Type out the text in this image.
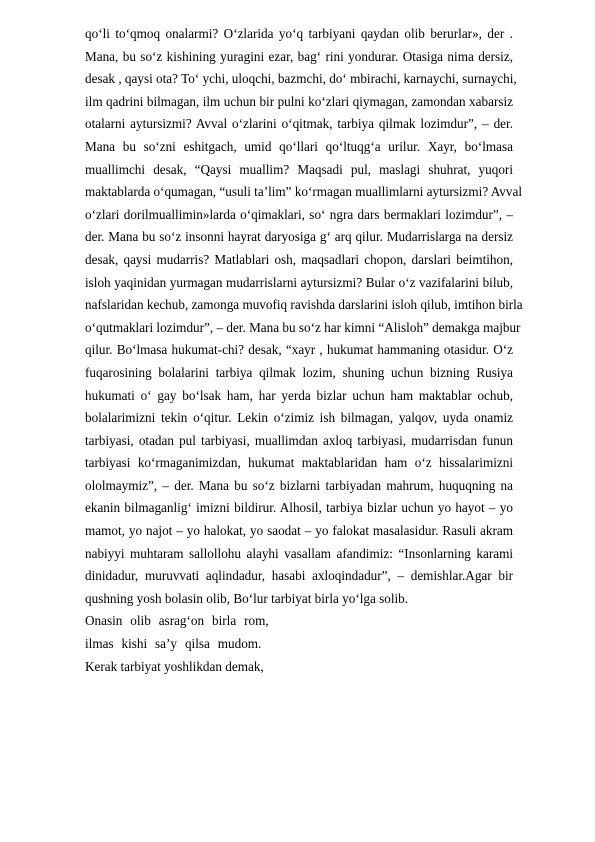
qo‘li to‘qmoq onalarmi? O‘zlarida yo‘q tarbiyani qaydan olib berurlar», der .
Mana, bu so‘z kishining yuragini ezar, bag‘ rini yondurar. Otasiga nima dersiz,
desak , qaysi ota? To‘ ychi, uloqchi, bazmchi, do‘ mbirachi, karnaychi, surnaychi,
ilm qadrini bilmagan, ilm uchun bir pulni ko‘zlari qiymagan, zamondan xabarsiz
otalarni aytursizmi? Avval o‘zlarini o‘qitmak, tarbiya qilmak lozimdur”, – der.
Mana bu so‘zni eshitgach, umid qo‘llari qo‘ltuqg‘a urilur. Xayr, bo‘lmasa
muallimchi desak, “Qaysi muallim? Maqsadi pul, maslagi shuhrat, yuqori
maktablarda o‘qumagan, “usuli ta’lim” ko‘rmagan muallimlarni aytursizmi? Avval
o‘zlari dorilmuallimin»larda o‘qimaklari, so‘ ngra dars bermaklari lozimdur”, –
der. Mana bu so‘z insonni hayrat daryosiga g‘ arq qilur. Mudarrislarga na dersiz
desak, qaysi mudarris? Matlablari osh, maqsadlari chopon, darslari beimtihon,
isloh yaqinidan yurmagan mudarrislarni aytursizmi? Bular o‘z vazifalarini bilub,
nafslaridan kechub, zamonga muvofiq ravishda darslarini isloh qilub, imtihon birla
o‘qutmaklari lozimdur”, – der. Mana bu so‘z har kimni “Alisloh” demakga majbur
qilur. Bo‘lmasa hukumat-chi? desak, “xayr , hukumat hammaning otasidur. O‘z
fuqarosining bolalarini tarbiya qilmak lozim, shuning uchun bizning Rusiya
hukumati o‘ gay bo‘lsak ham, har yerda bizlar uchun ham maktablar ochub,
bolalarimizni tekin o‘qitur. Lekin o‘zimiz ish bilmagan, yalqov, uyda onamiz
tarbiyasi, otadan pul tarbiyasi, muallimdan axloq tarbiyasi, mudarrisdan funun
tarbiyasi ko‘rmaganimizdan, hukumat maktablaridan ham o‘z hissalarimizni
ololmaymiz”, – der. Mana bu so‘z bizlarni tarbiyadan mahrum, huquqning na
ekanin bilmaganlig‘ imizni bildirur. Alhosil, tarbiya bizlar uchun yo hayot – yo
mamot, yo najot – yo halokat, yo saodat – yo falokat masalasidur. Rasuli akram
nabiyyi muhtaram sallollohu alayhi vasallam afandimiz: “Insonlarning karami
dinidadur, muruvvati aqlindadur, hasabi axloqindadur”, – demishlar.Agar bir
qushning yosh bolasin olib, Bo‘lur tarbiyat birla yo‘lga solib.
Onasin olib asrag‘on birla rom,
ilmas kishi sa’y qilsa mudom.
Kerak tarbiyat yoshlikdan demak,
